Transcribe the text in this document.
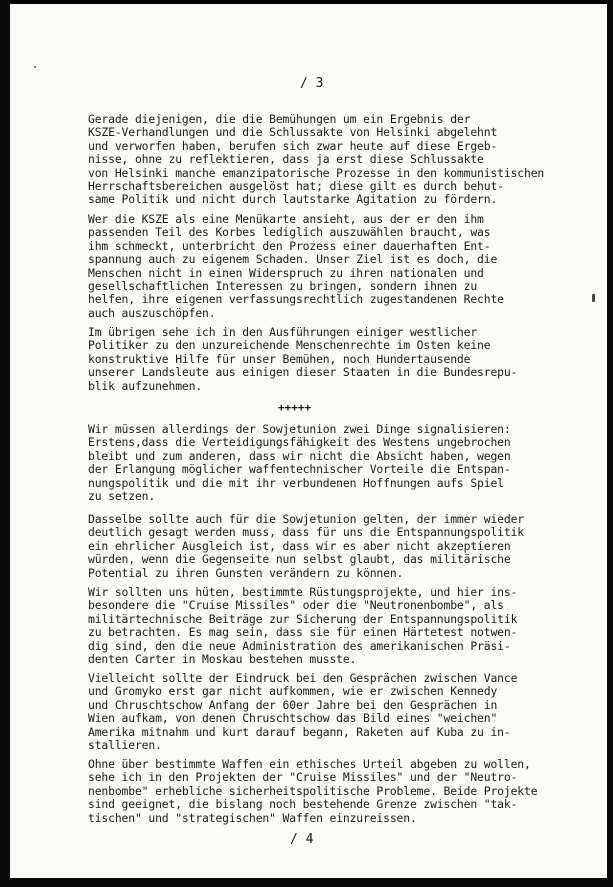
/ 3
Gerade diejenigen, die die Bemühungen um ein Ergebnis der
KSZE-Verhandlungen und die Schlussakte von Helsinki abgelehnt
und verworfen haben, berufen sich zwar heute auf diese Ergeb-
nisse, ohne zu reflektieren, dass ja erst diese Schlussakte
von Helsinki manche emanzipatorische Prozesse in den kommunistischen
Herrschaftsbereichen ausgelöst hat; diese gilt es durch behut-
same Politik und nicht durch lautstarke Agitation zu fördern.
Wer die KSZE als eine Menükarte ansieht, aus der er den ihm
passenden Teil des Korbes lediglich auszuwählen braucht, was
ihm schmeckt, unterbricht den Prozess einer dauerhaften Ent-
spannung auch zu eigenem Schaden. Unser Ziel ist es doch, die
Menschen nicht in einen Widerspruch zu ihren nationalen und
gesellschaftlichen Interessen zu bringen, sondern ihnen zu
helfen, ihre eigenen verfassungsrechtlich zugestandenen Rechte
auch auszuschöpfen.
Im übrigen sehe ich in den Ausführungen einiger westlicher
Politiker zu den unzureichende Menschenrechte im Osten keine
konstruktive Hilfe für unser Bemühen, noch Hundertausende
unserer Landsleute aus einigen dieser Staaten in die Bundesrepu-
blik aufzunehmen.
+++++
Wir müssen allerdings der Sowjetunion zwei Dinge signalisieren:
Erstens,dass die Verteidigungsfähigkeit des Westens ungebrochen
bleibt und zum anderen, dass wir nicht die Absicht haben, wegen
der Erlangung möglicher waffentechnischer Vorteile die Entspan-
nungspolitik und die mit ihr verbundenen Hoffnungen aufs Spiel
zu setzen.
Dasselbe sollte auch für die Sowjetunion gelten, der immer wieder
deutlich gesagt werden muss, dass für uns die Entspannungspolitik
ein ehrlicher Ausgleich ist, dass wir es aber nicht akzeptieren
würden, wenn die Gegenseite nun selbst glaubt, das militärische
Potential zu ihren Gunsten verändern zu können.
Wir sollten uns hüten, bestimmte Rüstungsprojekte, und hier ins-
besondere die "Cruise Missiles" oder die "Neutronenbombe", als
militärtechnische Beiträge zur Sicherung der Entspannungspolitik
zu betrachten. Es mag sein, dass sie für einen Härtetest notwen-
dig sind, den die neue Administration des amerikanischen Präsi-
denten Carter in Moskau bestehen musste.
Vielleicht sollte der Eindruck bei den Gesprächen zwischen Vance
und Gromyko erst gar nicht aufkommen, wie er zwischen Kennedy
und Chruschtschow Anfang der 60er Jahre bei den Gesprächen in
Wien aufkam, von denen Chruschtschow das Bild eines "weichen"
Amerika mitnahm und kurt darauf begann, Raketen auf Kuba zu in-
stallieren.
Ohne über bestimmte Waffen ein ethisches Urteil abgeben zu wollen,
sehe ich in den Projekten der "Cruise Missiles" und der "Neutro-
nenbombe" erhebliche sicherheitspolitische Probleme. Beide Projekte
sind geeignet, die bislang noch bestehende Grenze zwischen "tak-
tischen" und "strategischen" Waffen einzureissen.
/ 4
